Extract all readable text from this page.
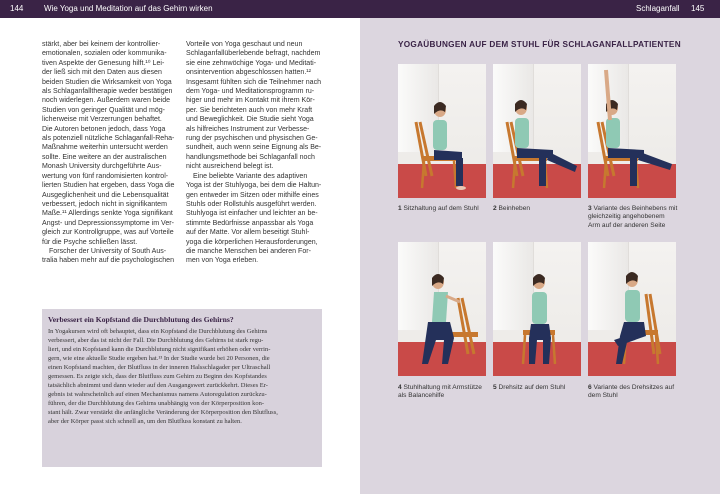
144	Wie Yoga und Meditation auf das Gehirn wirken	Schlaganfall 145

stärkt, aber bei keinem der kontrollier-
emotionalen, sozialen oder kommunika-
tiven Aspekte der Genesung hilft.¹⁰ Lei-
der ließ sich mit den Daten aus diesen
beiden Studien die Wirksamkeit von Yoga
als Schlaganfalltherapie weder bestätigen
noch widerlegen. Außerdem waren beide
Studien von geringer Qualität und mög-
licherweise mit Verzerrungen behaftet.
Die Autoren betonen jedoch, dass Yoga
als potenziell nützliche Schlaganfall-Reha-
Maßnahme weiterhin untersucht werden
sollte. Eine weitere an der australischen
Monash University durchgeführte Aus-
wertung von fünf randomisierten kontrol-
lierten Studien hat ergeben, dass Yoga die
Ausgeglichenheit und die Lebensqualität
verbessert, jedoch nicht in signifikantem
Maße.¹¹ Allerdings senkte Yoga signifikant
Angst- und Depressionssymptome im Ver-
gleich zur Kontrollgruppe, was auf Vorteile
für die Psyche schließen lässt.

Forscher der University of South Aus-
tralia haben mehr auf die psychologischen

Vorteile von Yoga geschaut und neun
Schlaganfallüberlebende befragt, nachdem
sie eine zehnwöchige Yoga- und Meditati-
onsintervention abgeschlossen hatten.¹²
Insgesamt fühlten sich die Teilnehmer nach
dem Yoga- und Meditationsprogramm ru-
higer und mehr im Kontakt mit ihrem Kör-
per. Sie berichteten auch von mehr Kraft
und Beweglichkeit. Die Studie sieht Yoga
als hilfreiches Instrument zur Verbesse-
rung der psychischen und physischen Ge-
sundheit, auch wenn seine Eignung als Be-
handlungsmethode bei Schlaganfall noch
nicht ausreichend belegt ist.

Eine beliebte Variante des adaptiven
Yoga ist der Stuhlyoga, bei dem die Haltun-
gen entweder im Sitzen oder mithilfe eines
Stuhls oder Rollstuhls ausgeführt werden.
Stuhlyoga ist einfacher und leichter an be-
stimmte Bedürfnisse anpassbar als Yoga
auf der Matte. Vor allem beseitigt Stuhl-
yoga die körperlichen Herausforderungen,
die manche Menschen bei anderen For-
men von Yoga erleben.

Verbessert ein Kopfstand die Durchblutung des Gehirns?
In Yogakursen wird oft behauptet, dass ein Kopfstand die Durchblutung des Gehirns
verbessert, aber das ist nicht der Fall. Die Durchblutung des Gehirns ist stark regu-
liert, und ein Kopfstand kann die Durchblutung nicht signifikant erhöhen oder verrin-
gern, wie eine aktuelle Studie ergeben hat.¹³ In der Studie wurde bei 20 Personen, die
einen Kopfstand machten, der Blutfluss in der inneren Halsschlagader per Ultraschall
gemessen. Es zeigte sich, dass der Blutfluss zum Gehirn zu Beginn des Kopfstandes
tatsächlich abnimmt und dann wieder auf den Ausgangswert zurückkehrt. Dieses Er-
gebnis ist wahrscheinlich auf einen Mechanismus namens Autoregulation zurückzu-
führen, der die Durchblutung des Gehirns unabhängig von der Körperposition kon-
stant hält. Zwar verstärkt die anfängliche Veränderung der Körperposition den Blutfluss,
aber der Körper passt sich schnell an, um den Blutfluss konstant zu halten.
YOGAÜBUNGEN AUF DEM STUHL FÜR SCHLAGANFALLPATIENTEN
1 Sitzhaltung auf dem Stuhl	2 Beinheben	3 Variante des Beinhebens mit
gleichzeitig angehobenem
Arm auf der anderen Seite
4 Stuhlhaltung mit Armstütze
als Balancehilfe
5 Drehsitz auf dem Stuhl	6 Variante des Drehsitzes auf
dem Stuhl
